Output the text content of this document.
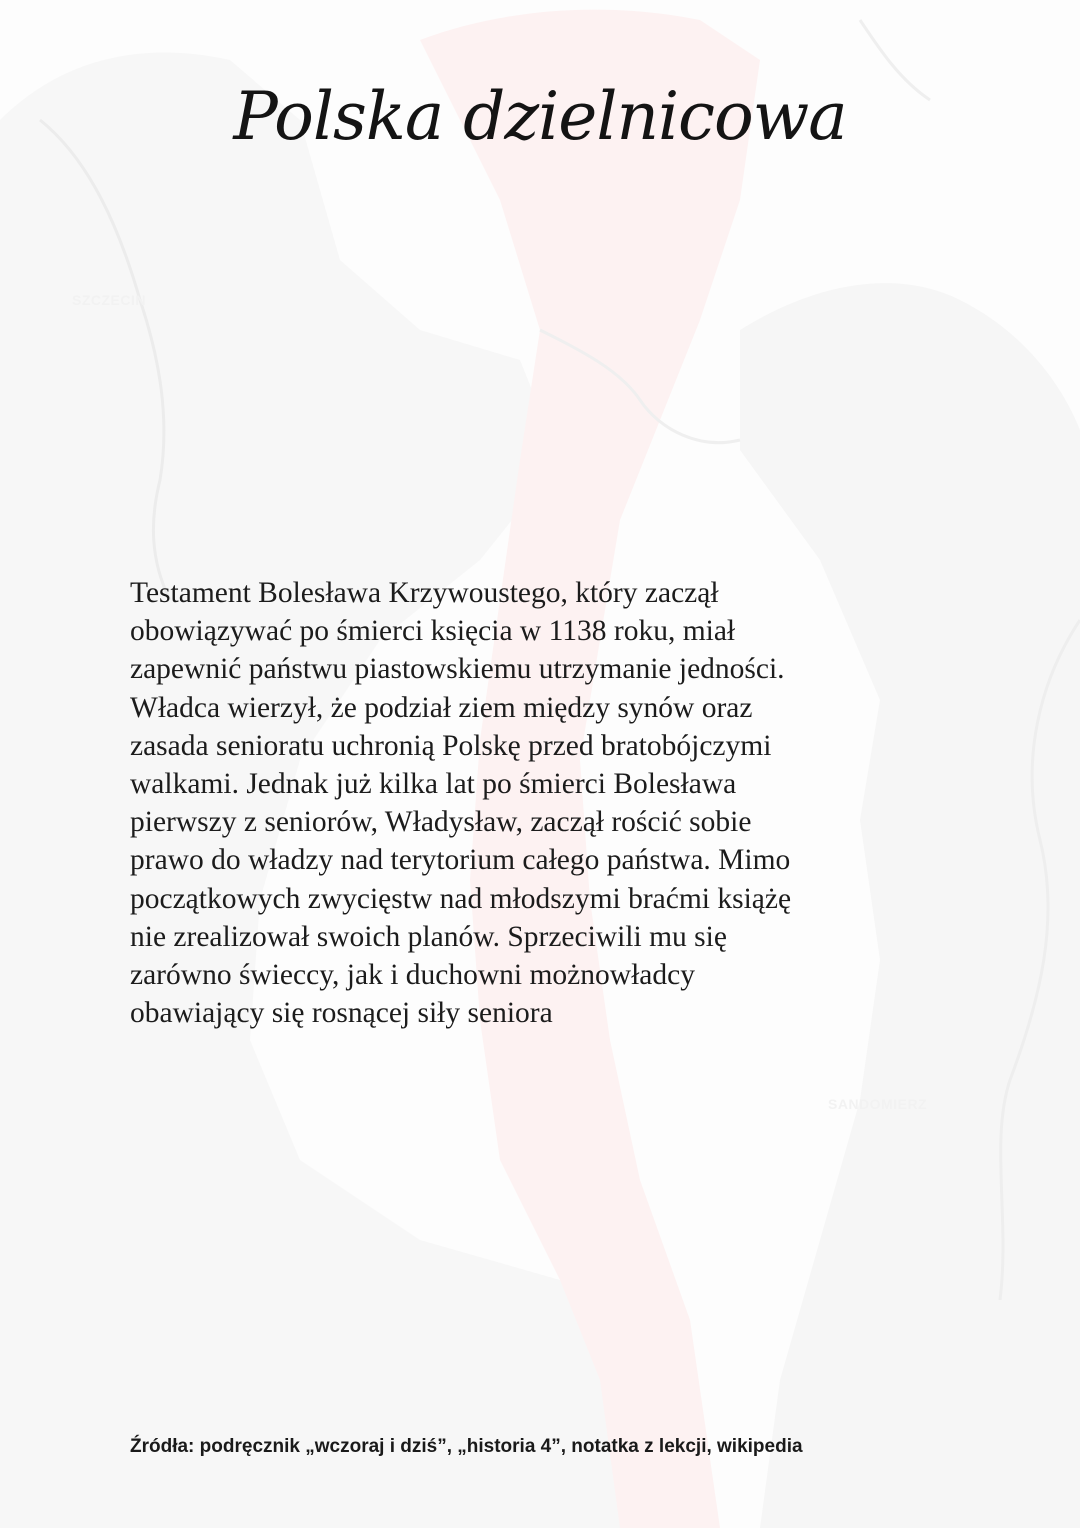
SZCZECIN
SANDOMIERZ
Polska dzielnicowa
Testament Bolesława Krzywoustego, który zaczął
obowiązywać po śmierci księcia w 1138 roku, miał
zapewnić państwu piastowskiemu utrzymanie jedności.
Władca wierzył, że podział ziem między synów oraz
zasada senioratu uchronią Polskę przed bratobójczymi
walkami. Jednak już kilka lat po śmierci Bolesława
pierwszy z seniorów, Władysław, zaczął rościć sobie
prawo do władzy nad terytorium całego państwa. Mimo
początkowych zwycięstw nad młodszymi braćmi książę
nie zrealizował swoich planów. Sprzeciwili mu się
zarówno świeccy, jak i duchowni możnowładcy
obawiający się rosnącej siły seniora
Źródła: podręcznik „wczoraj i dziś”, „historia 4”, notatka z lekcji, wikipedia
